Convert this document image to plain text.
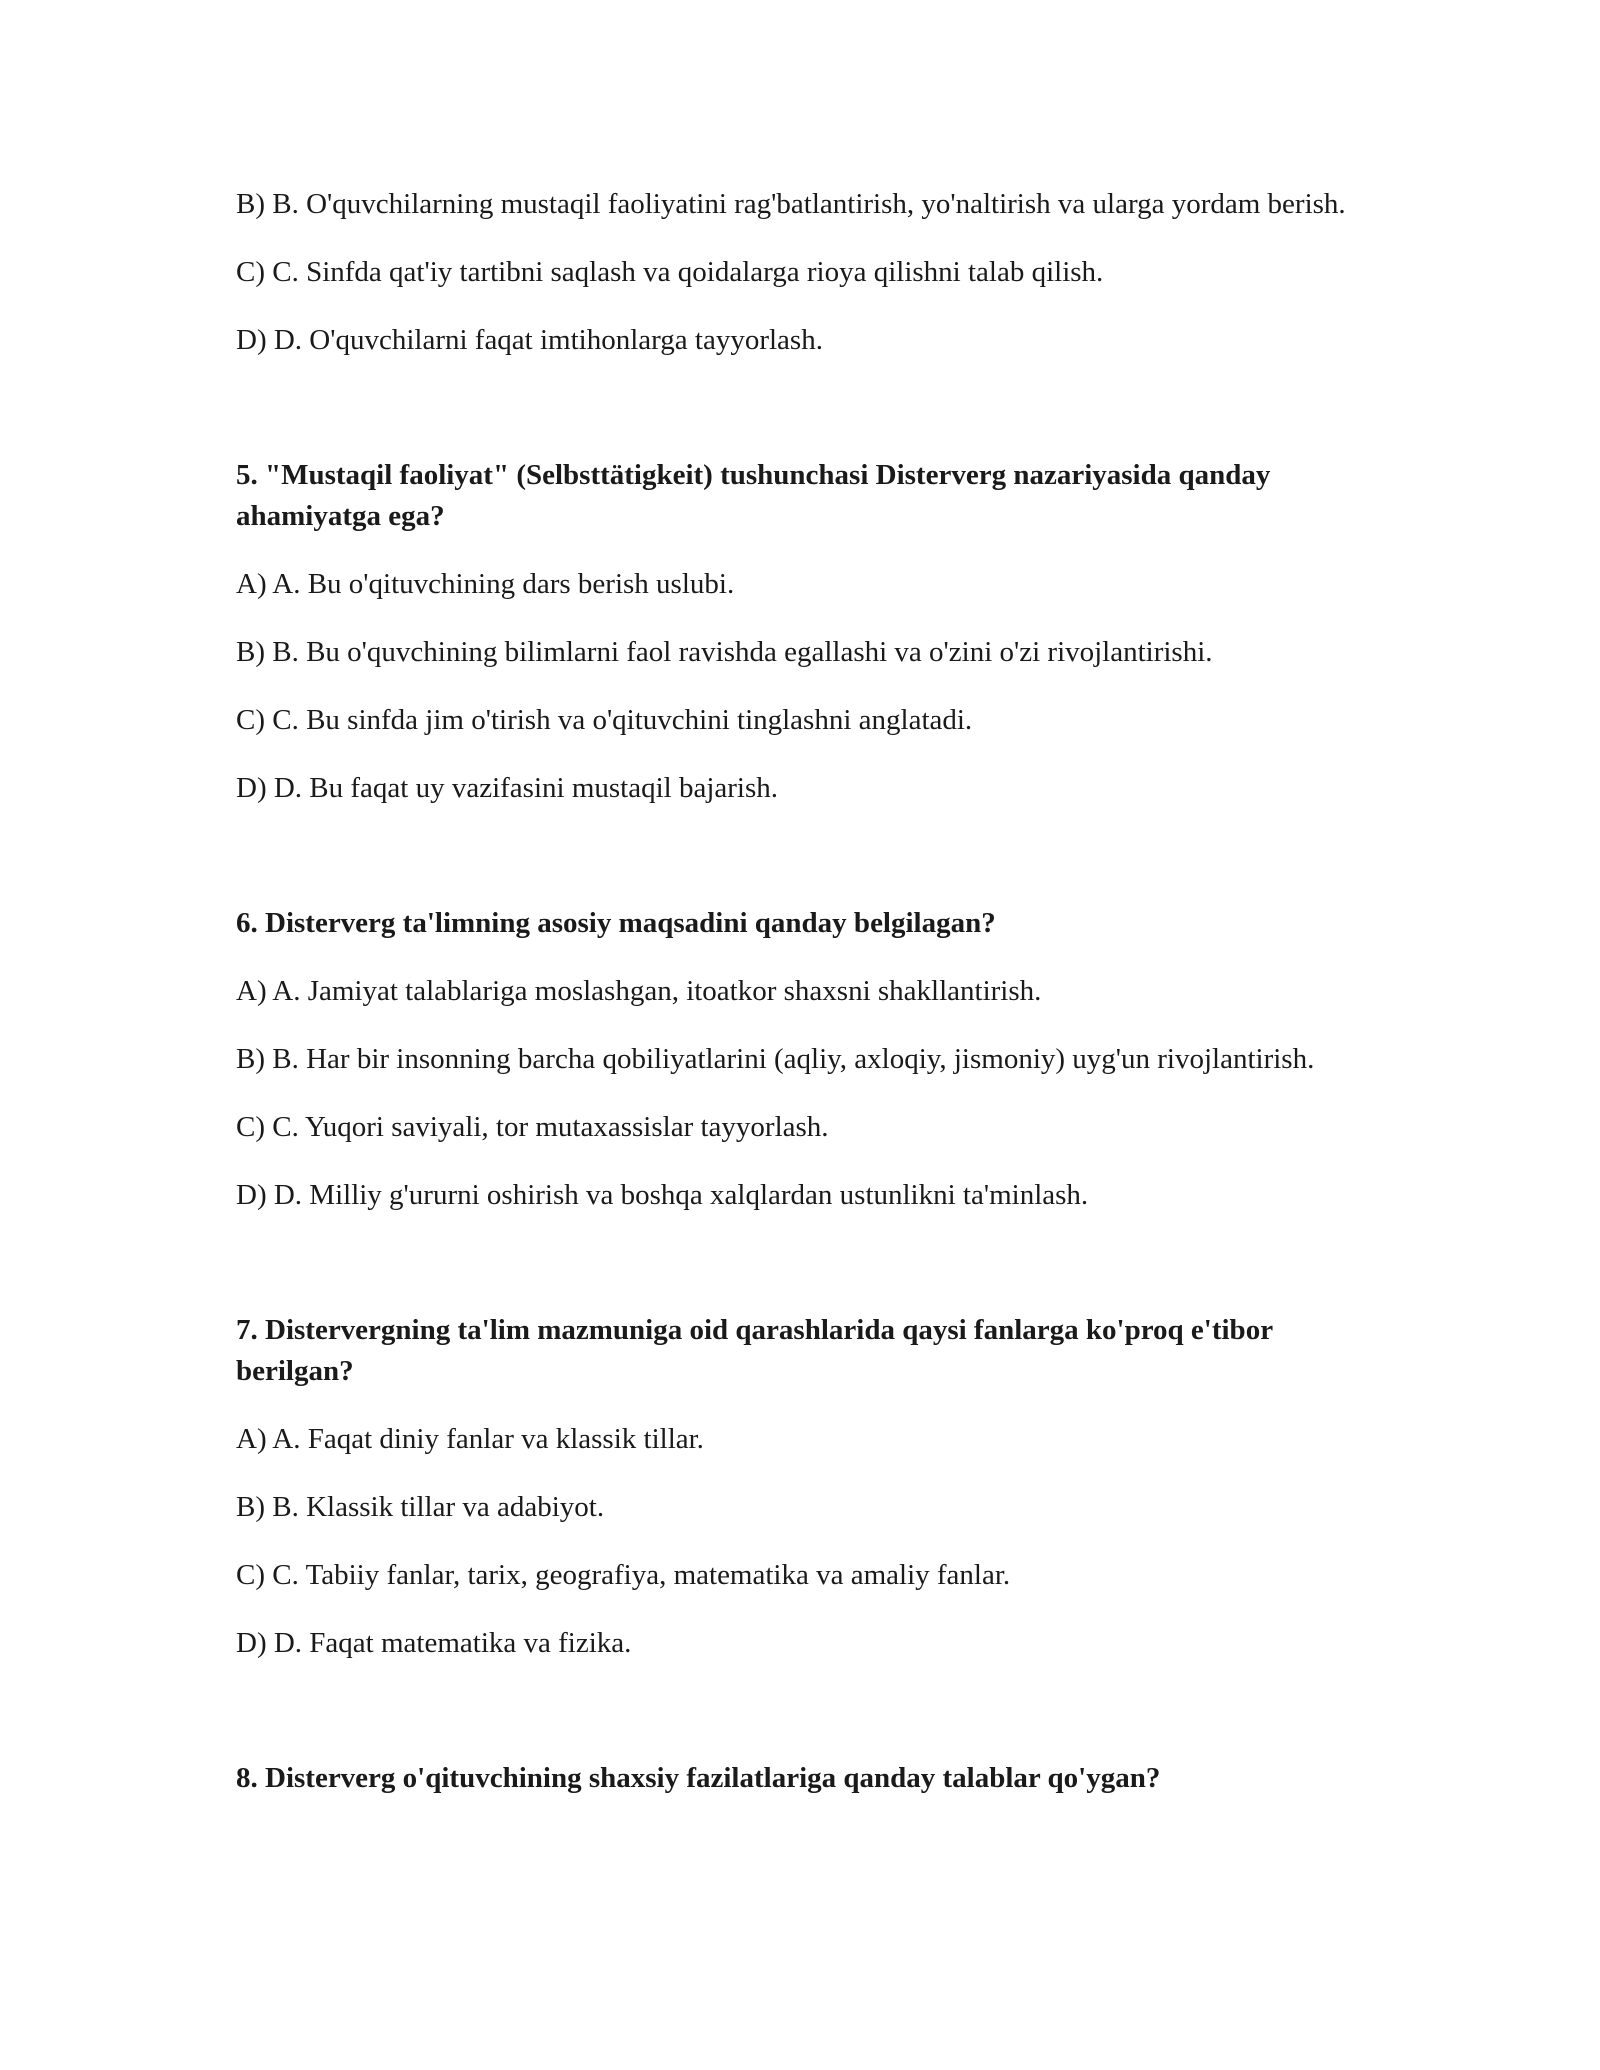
B) B. O'quvchilarning mustaqil faoliyatini rag'batlantirish, yo'naltirish va ularga yordam berish.

C) C. Sinfda qat'iy tartibni saqlash va qoidalarga rioya qilishni talab qilish.

D) D. O'quvchilarni faqat imtihonlarga tayyorlash.

5. "Mustaqil faoliyat" (Selbsttätigkeit) tushunchasi Disterverg nazariyasida qanday ahamiyatga ega?

A) A. Bu o'qituvchining dars berish uslubi.

B) B. Bu o'quvchining bilimlarni faol ravishda egallashi va o'zini o'zi rivojlantirishi.

C) C. Bu sinfda jim o'tirish va o'qituvchini tinglashni anglatadi.

D) D. Bu faqat uy vazifasini mustaqil bajarish.

6. Disterverg ta'limning asosiy maqsadini qanday belgilagan?

A) A. Jamiyat talablariga moslashgan, itoatkor shaxsni shakllantirish.

B) B. Har bir insonning barcha qobiliyatlarini (aqliy, axloqiy, jismoniy) uyg'un rivojlantirish.

C) C. Yuqori saviyali, tor mutaxassislar tayyorlash.

D) D. Milliy g'ururni oshirish va boshqa xalqlardan ustunlikni ta'minlash.

7. Distervergning ta'lim mazmuniga oid qarashlarida qaysi fanlarga ko'proq e'tibor berilgan?

A) A. Faqat diniy fanlar va klassik tillar.

B) B. Klassik tillar va adabiyot.

C) C. Tabiiy fanlar, tarix, geografiya, matematika va amaliy fanlar.

D) D. Faqat matematika va fizika.

8. Disterverg o'qituvchining shaxsiy fazilatlariga qanday talablar qo'ygan?
